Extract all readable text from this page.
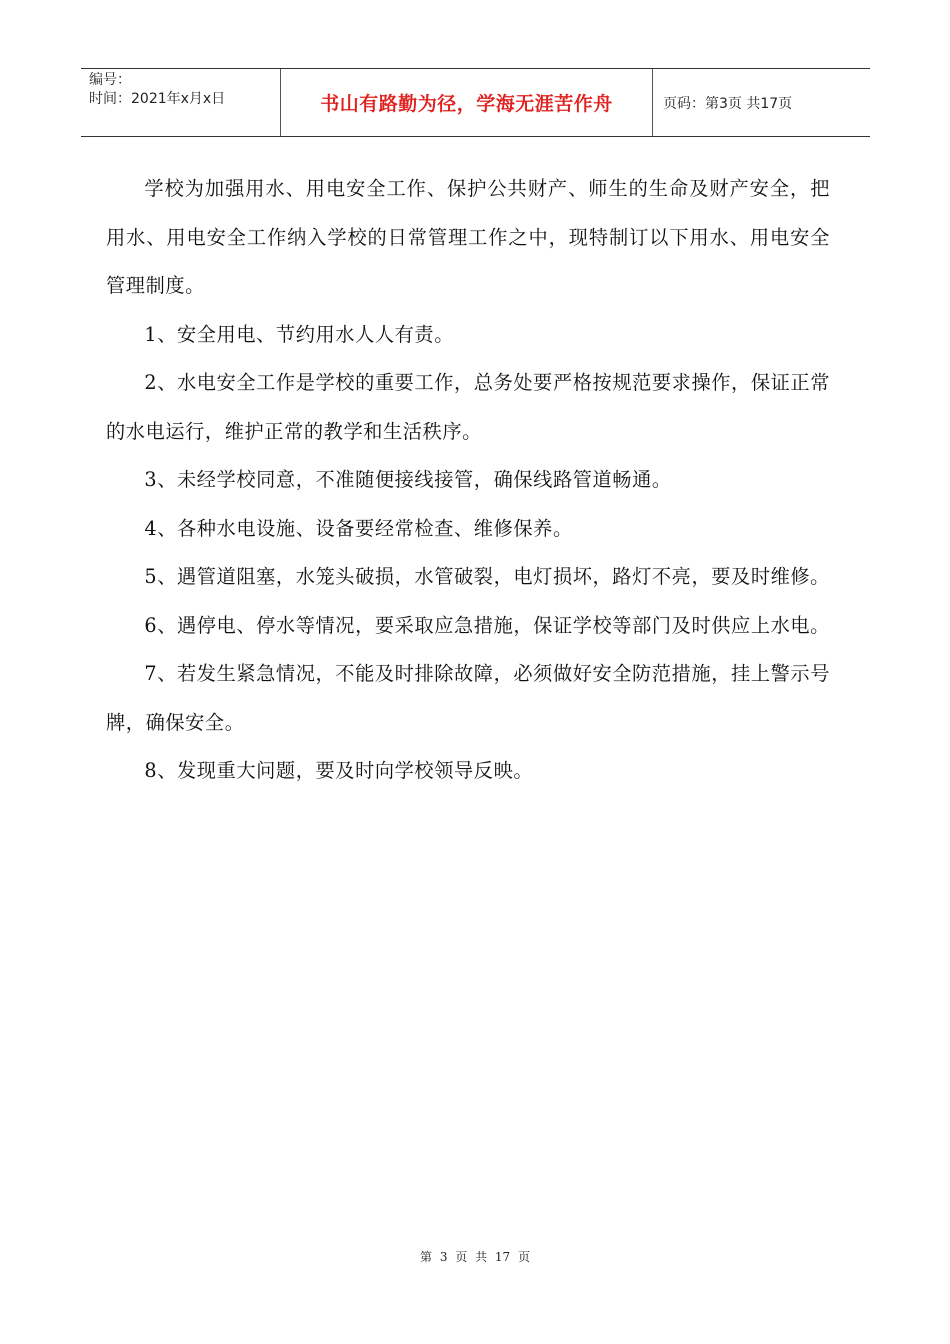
编号：
时间：2021年x月x日	书山有路勤为径，学海无涯苦作舟	页码：第3页 共17页

学校为加强用水、用电安全工作、保护公共财产、师生的生命及财产安全，把用水、用电安全工作纳入学校的日常管理工作之中，现特制订以下用水、用电安全管理制度。

1、安全用电、节约用水人人有责。

2、水电安全工作是学校的重要工作，总务处要严格按规范要求操作，保证正常的水电运行，维护正常的教学和生活秩序。

3、未经学校同意，不准随便接线接管，确保线路管道畅通。

4、各种水电设施、设备要经常检查、维修保养。

5、遇管道阻塞，水笼头破损，水管破裂，电灯损坏，路灯不亮，要及时维修。

6、遇停电、停水等情况，要采取应急措施，保证学校等部门及时供应上水电。

7、若发生紧急情况，不能及时排除故障，必须做好安全防范措施，挂上警示号牌，确保安全。

8、发现重大问题，要及时向学校领导反映。

第 3 页 共 17 页
